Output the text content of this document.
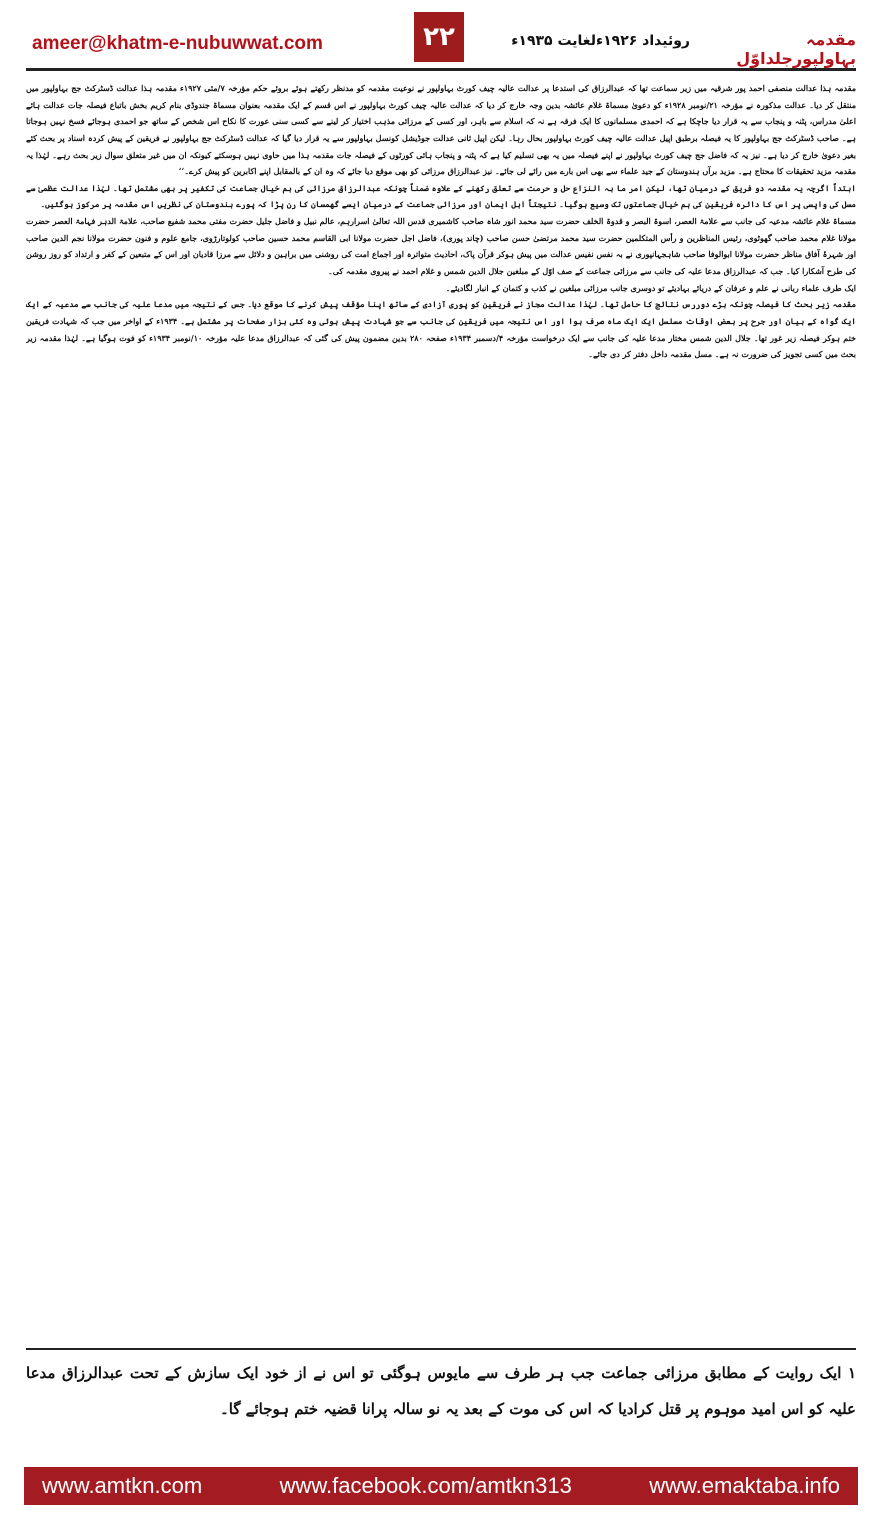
ameer@khatm-e-nubuwwat.com	۲۲	روئیداد ۱۹۲۶ءلغایت ۱۹۳۵ء	مقدمہ بہاولپورجلداوّل

مقدمہ ہذا عدالت منصفی احمد پور شرقیہ میں زیر سماعت تھا کہ عبدالرزاق کی استدعا پر عدالت عالیہ چیف کورٹ بہاولپور نے نوعیت مقدمہ کو مدنظر رکھتے ہوئے بروئے حکم مؤرخہ ۷/مئی ۱۹۲۷ء مقدمہ ہذا عدالت ڈسٹرکٹ جج بہاولپور میں منتقل کر دیا۔ عدالت مذکورہ نے مؤرخہ ۲۱/نومبر ۱۹۲۸ء کو دعویٰ مسماۃ غلام عائشہ بدین وجہ خارج کر دیا کہ عدالت عالیہ چیف کورٹ بہاولپور نے اس قسم کے ایک مقدمہ بعنوان مسماۃ جندوڈی بنام کریم بخش باتباع فیصلہ جات عدالت ہائے اعلیٰ مدراس، پٹنہ و پنجاب سے یہ قرار دیا جاچکا ہے کہ احمدی مسلمانوں کا ایک فرقہ ہے نہ کہ اسلام سے باہر، اور کسی کے مرزائی مذہب اختیار کر لینے سے کسی سنی عورت کا نکاح اس شخص کے ساتھ جو احمدی ہوجائے فسخ نہیں ہوجاتا ہے۔ صاحب ڈسٹرکٹ جج بہاولپور کا یہ فیصلہ برطبق اپیل عدالت عالیہ چیف کورٹ بہاولپور بحال رہا۔ لیکن اپیل ثانی عدالت جوڈیشل کونسل بہاولپور سے یہ قرار دیا گیا کہ عدالت ڈسٹرکٹ جج بہاولپور نے فریقین کے پیش کردہ اسناد پر بحث کئے بغیر دعویٰ خارج کر دیا ہے۔ نیز یہ کہ فاضل جج چیف کورٹ بہاولپور نے اپنے فیصلہ میں یہ بھی تسلیم کیا ہے کہ پٹنہ و پنجاب ہائی کورٹوں کے فیصلہ جات مقدمہ ہذا میں حاوی نہیں ہوسکتے کیونکہ ان میں غیر متعلق سوال زیر بحث رہے۔ لہٰذا یہ مقدمہ مزید تحقیقات کا محتاج ہے۔ مزید برآں ہندوستان کے جید علماء سے بھی اس بارے میں رائے لی جائے۔ نیز عبدالرزاق مرزائی کو بھی موقع دیا جائے کہ وہ ان کے بالمقابل اپنے اکابرین کو پیش کرے۔‘‘

ابتداً اگرچہ یہ مقدمہ دو فریق کے درمیان تھا، لیکن امر ما بہ النزاع حل و حرمت سے تعلق رکھنے کے علاوہ ضمناً چونکہ عبدالرزاق مرزائی کی ہم خیال جماعت کی تکفیر پر بھی مشتمل تھا۔ لہٰذا عدالت عظمیٰ سے مسل کی واپسی پر اس کا دائرہ فریقین کی ہم خیال جماعتوں تک وسیع ہوگیا۔ نتیجتاً اہل ایمان اور مرزائی جماعت کے درمیان ایسے گھمسان کا رن پڑا کہ پورے ہندوستان کی نظریں اس مقدمہ پر مرکوز ہوگئیں۔

مسماۃ غلام عائشہ مدعیہ کی جانب سے علامۃ العصر، اسوۃ البصر و قدوۃ الخلف حضرت سید محمد انور شاہ صاحب کاشمیری قدس اللہ تعالیٰ اسرارہم، عالم نبیل و فاضل جلیل حضرت مفتی محمد شفیع صاحب، علامۃ الدہر فہامۃ العصر حضرت مولانا غلام محمد صاحب گھوٹوی، رئیس المناظرین و رأس المتکلمین حضرت سید محمد مرتضیٰ حسن صاحب (چاند پوری)، فاضل اجل حضرت مولانا ابی القاسم محمد حسین صاحب کولوتارڑوی، جامع علوم و فنون حضرت مولانا نجم الدین صاحب اور شہرۂ آفاق مناظر حضرت مولانا ابوالوفا صاحب شاہجہانپوری نے بہ نفس نفیس عدالت میں پیش ہوکر قرآن پاک، احادیث متواترہ اور اجماع امت کی روشنی میں براہین و دلائل سے مرزا قادیان اور اس کے متبعین کے کفر و ارتداد کو روز روشن کی طرح آشکارا کیا۔ جب کہ عبدالرزاق مدعا علیہ کی جانب سے مرزائی جماعت کے صف اوّل کے مبلغین جلال الدین شمس و غلام احمد نے پیروی مقدمہ کی۔

ایک طرف علماء ربانی نے علم و عرفان کے دریائے بہادیئے تو دوسری جانب مرزائی مبلغین نے کذب و کتمان کے انبار لگادیئے۔

مقدمہ زیر بحث کا فیصلہ چونکہ بڑے دوررس نتائج کا حامل تھا۔ لہٰذا عدالت مجاز نے فریقین کو پوری آزادی کے ساتھ اپنا مؤقف پیش کرنے کا موقع دیا۔ جس کے نتیجہ میں مدعا علیہ کی جانب سے مدعیہ کے ایک ایک گواہ کے بیان اور جرح پر بعض اوقات مسلسل ایک ایک ماہ صرف ہوا اور اس نتیجہ میں فریقین کی جانب سے جو شہادت پیش ہوئی وہ کئی ہزار صفحات پر مشتمل ہے۔ ۱۹۳۴ء کے اواخر میں جب کہ شہادت فریقین ختم ہوکر فیصلہ زیر غور تھا۔ جلال الدین شمس مختار مدعا علیہ کی جانب سے ایک درخواست مؤرخہ ۴/دسمبر ۱۹۳۴ء صفحہ ۲۸۰ بدین مضمون پیش کی گئی کہ عبدالرزاق مدعا علیہ مؤرخہ ۱۰/نومبر ۱۹۳۴ء کو فوت ہوگیا ہے۔ لہٰذا مقدمہ زیر بحث میں کسی تجویز کی ضرورت نہ ہے۔ مسل مقدمہ داخل دفتر کر دی جائے۔

۱ ایک روایت کے مطابق مرزائی جماعت جب ہر طرف سے مایوس ہوگئی تو اس نے از خود ایک سازش کے تحت عبدالرزاق مدعا علیہ کو اس امید موہوم پر قتل کرادیا کہ اس کی موت کے بعد یہ نو سالہ پرانا قضیہ ختم ہوجائے گا۔
www.amtkn.com	www.facebook.com/amtkn313	www.emaktaba.info
